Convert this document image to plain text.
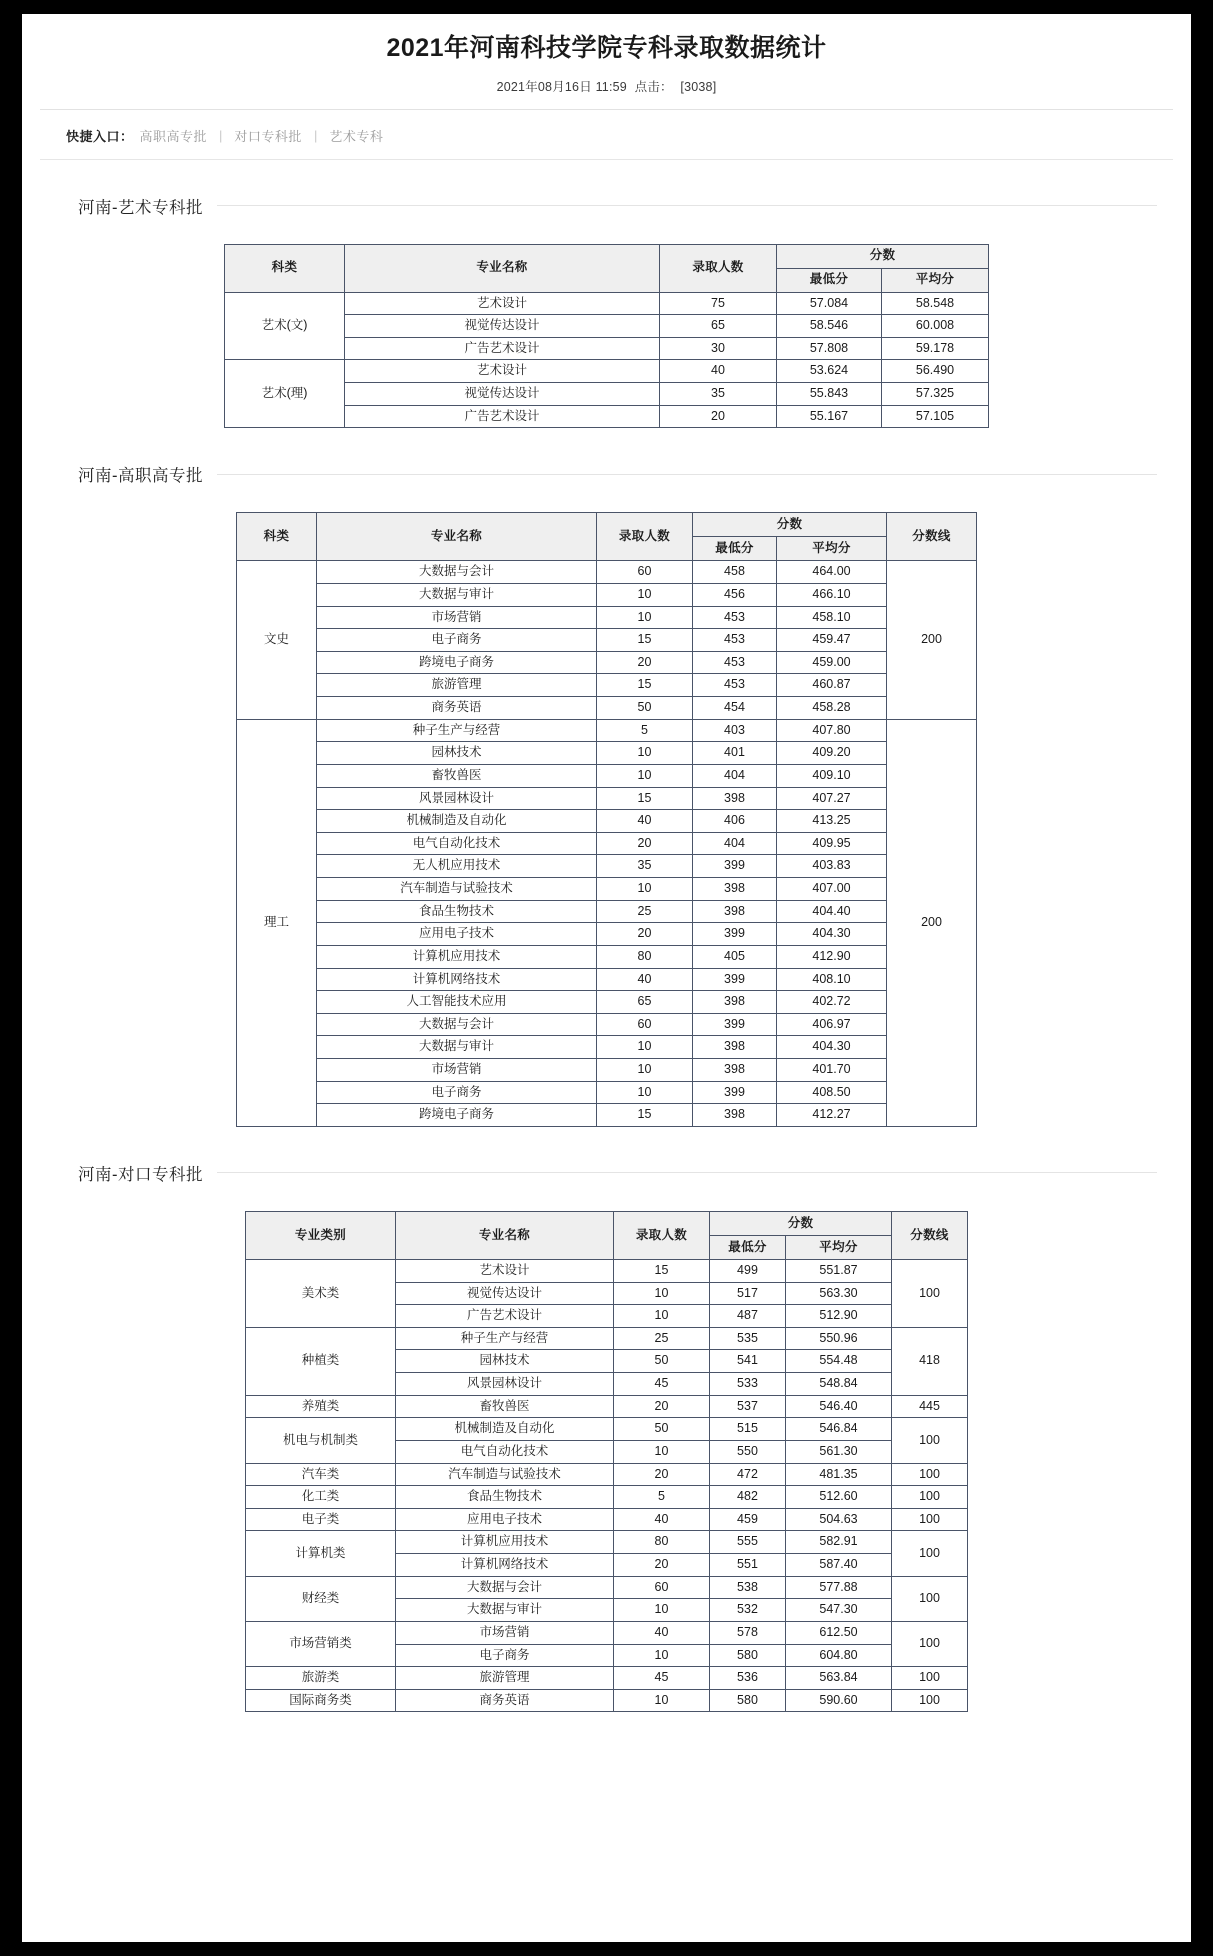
2021年河南科技学院专科录取数据统计
2021年08月16日 11:59 点击： [3038]
快捷入口： 高职高专批 | 对口专科批 | 艺术专科
河南-艺术专科批
科类	专业名称	录取人数	分数	
			最低分	平均分
艺术(文)	艺术设计	75	57.084	58.548
	视觉传达设计	65	58.546	60.008
	广告艺术设计	30	57.808	59.178
艺术(理)	艺术设计	40	53.624	56.490
	视觉传达设计	35	55.843	57.325
	广告艺术设计	20	55.167	57.105
河南-高职高专批
科类	专业名称	录取人数	分数		分数线
			最低分	平均分	
文史	大数据与会计	60	458	464.00	200
	大数据与审计	10	456	466.10	
	市场营销	10	453	458.10	
	电子商务	15	453	459.47	
	跨境电子商务	20	453	459.00	
	旅游管理	15	453	460.87	
	商务英语	50	454	458.28	
理工	种子生产与经营	5	403	407.80	200
	园林技术	10	401	409.20	
	畜牧兽医	10	404	409.10	
	风景园林设计	15	398	407.27	
	机械制造及自动化	40	406	413.25	
	电气自动化技术	20	404	409.95	
	无人机应用技术	35	399	403.83	
	汽车制造与试验技术	10	398	407.00	
	食品生物技术	25	398	404.40	
	应用电子技术	20	399	404.30	
	计算机应用技术	80	405	412.90	
	计算机网络技术	40	399	408.10	
	人工智能技术应用	65	398	402.72	
	大数据与会计	60	399	406.97	
	大数据与审计	10	398	404.30	
	市场营销	10	398	401.70	
	电子商务	10	399	408.50	
	跨境电子商务	15	398	412.27	
河南-对口专科批
专业类别	专业名称	录取人数	分数		分数线
			最低分	平均分	
美术类	艺术设计	15	499	551.87	100
	视觉传达设计	10	517	563.30	
	广告艺术设计	10	487	512.90	
种植类	种子生产与经营	25	535	550.96	418
	园林技术	50	541	554.48	
	风景园林设计	45	533	548.84	
养殖类	畜牧兽医	20	537	546.40	445
机电与机制类	机械制造及自动化	50	515	546.84	100
	电气自动化技术	10	550	561.30	
汽车类	汽车制造与试验技术	20	472	481.35	100
化工类	食品生物技术	5	482	512.60	100
电子类	应用电子技术	40	459	504.63	100
计算机类	计算机应用技术	80	555	582.91	100
	计算机网络技术	20	551	587.40	
财经类	大数据与会计	60	538	577.88	100
	大数据与审计	10	532	547.30	
市场营销类	市场营销	40	578	612.50	100
	电子商务	10	580	604.80	
旅游类	旅游管理	45	536	563.84	100
国际商务类	商务英语	10	580	590.60	100
